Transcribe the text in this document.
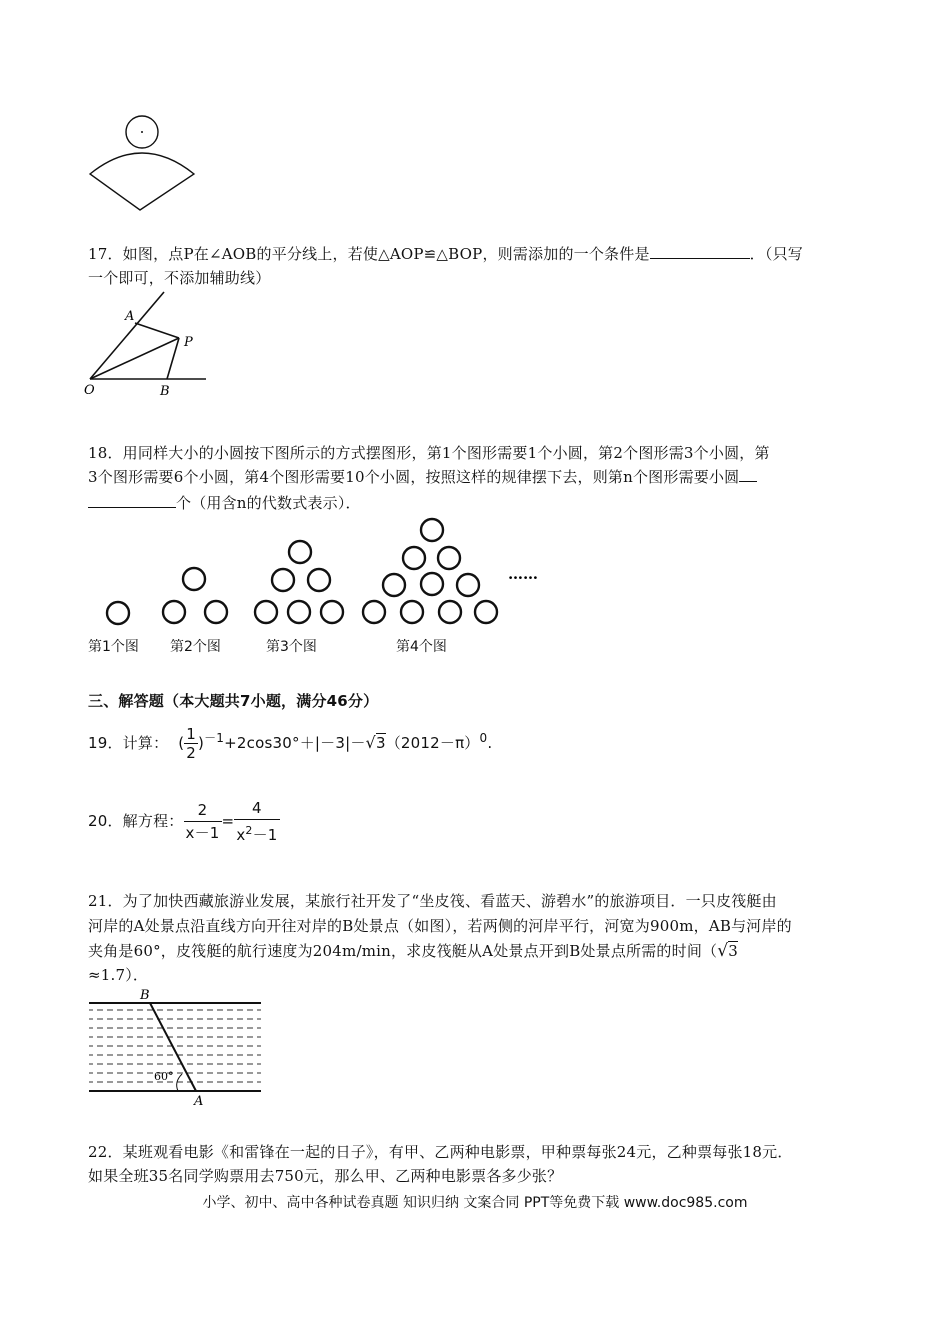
17．如图，点P在∠AOB的平分线上，若使△AOP≌△BOP，则需添加的一个条件是	．（只写
一个即可，不添加辅助线）
A
P
O	B
18．用同样大小的小圆按下图所示的方式摆图形，第1个图形需要1个小圆，第2个图形需3个小圆，第
3个图形需要6个小圆，第4个图形需要10个小圆，按照这样的规律摆下去，则第n个图形需要小圆
个（用含n的代数式表示）．
……
第1个图 第2个图	第3个图	第4个图
三、解答题（本大题共7小题，满分46分）
19．计算：  ( $\frac{1}{2} )^{-1}+2\cos 30^\circ+|-3|-√3(2012-\pi)^0$.
20．解方程： $\frac{2}{x-1} = \frac{4}{x^2-1}$
21．为了加快西藏旅游业发展，某旅行社开发了“坐皮筏、看蓝天、游碧水”的旅游项目．一只皮筏艇由
河岸的A处景点沿直线方向开往对岸的B处景点（如图），若两侧的河岸平行，河宽为900m，AB与河岸的
夹角是60°，皮筏艇的航行速度为204m/min，求皮筏艇从A处景点开到B处景点所需的时间（√3
≈1.7）．
B
A
60°
22．某班观看电影《和雷锋在一起的日子》，有甲、乙两种电影票，甲种票每张24元，乙种票每张18元．
如果全班35名同学购票用去750元，那么甲、乙两种电影票各多少张？
小学、初中、高中各种试卷真题 知识归纳 文案合同 PPT等免费下载 www.doc985.com
